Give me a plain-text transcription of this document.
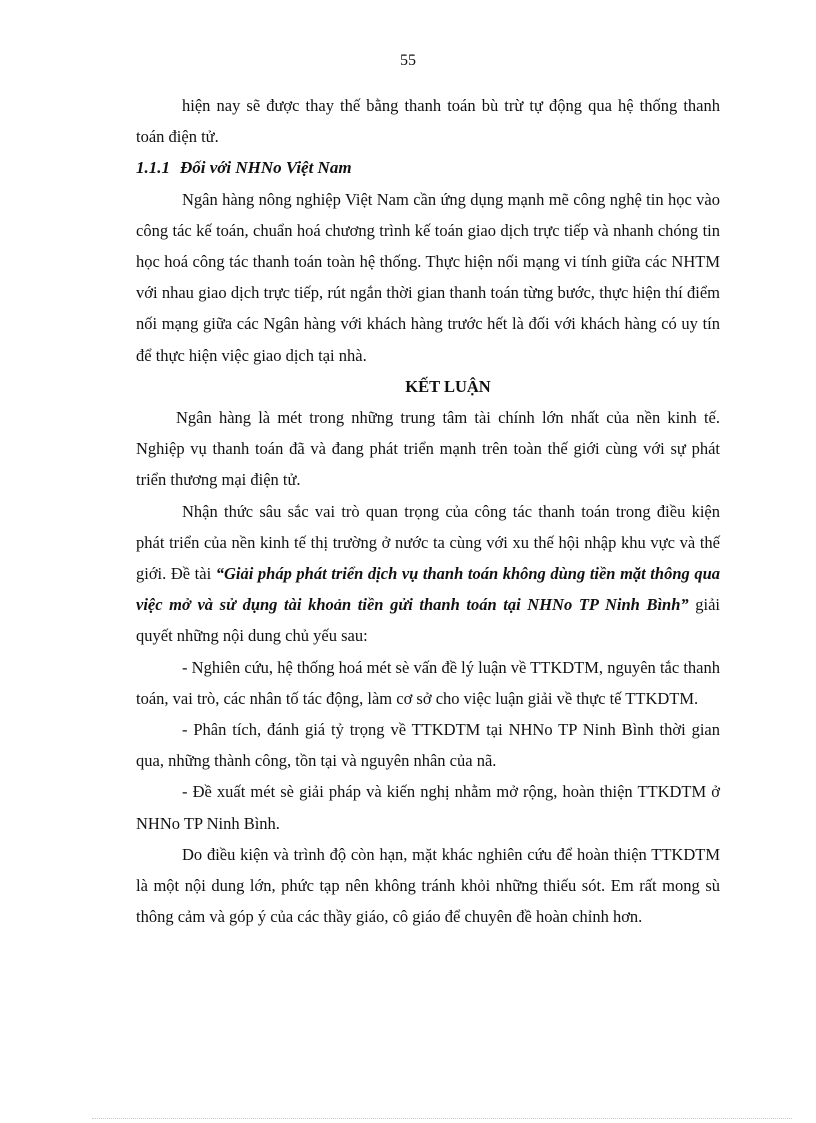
55

hiện nay sẽ được thay thế bằng thanh toán bù trừ tự động qua hệ thống thanh toán điện tử.

1.1.1 Đối với NHNo Việt Nam

Ngân hàng nông nghiệp Việt Nam cần ứng dụng mạnh mẽ công nghệ tin học vào công tác kế toán, chuẩn hoá chương trình kế toán giao dịch trực tiếp và nhanh chóng tin học hoá công tác thanh toán toàn hệ thống. Thực hiện nối mạng vi tính giữa các NHTM với nhau giao dịch trực tiếp, rút ngắn thời gian thanh toán từng bước, thực hiện thí điểm nối mạng giữa các Ngân hàng với khách hàng trước hết là đối với khách hàng có uy tín để thực hiện việc giao dịch tại nhà.

KẾT LUẬN

Ngân hàng là mét trong những trung tâm tài chính lớn nhất của nền kinh tế. Nghiệp vụ thanh toán đã và đang phát triển mạnh trên toàn thế giới cùng với sự phát triển thương mại điện tử.

Nhận thức sâu sắc vai trò quan trọng của công tác thanh toán trong điều kiện phát triển của nền kinh tế thị trường ở nước ta cùng với xu thế hội nhập khu vực và thế giới. Đề tài “Giải pháp phát triển dịch vụ thanh toán không dùng tiền mặt thông qua việc mở và sử dụng tài khoản tiền gửi thanh toán tại NHNo TP Ninh Bình” giải quyết những nội dung chủ yếu sau:

- Nghiên cứu, hệ thống hoá mét sè vấn đề lý luận về TTKDTM, nguyên tắc thanh toán, vai trò, các nhân tố tác động, làm cơ sở cho việc luận giải về thực tế TTKDTM.

- Phân tích, đánh giá tỷ trọng về TTKDTM tại NHNo TP Ninh Bình thời gian qua, những thành công, tồn tại và nguyên nhân của nã.

- Đề xuất mét sè giải pháp và kiến nghị nhằm mở rộng, hoàn thiện TTKDTM ở NHNo TP Ninh Bình.

Do điều kiện và trình độ còn hạn, mặt khác nghiên cứu để hoàn thiện TTKDTM là một nội dung lớn, phức tạp nên không tránh khỏi những thiếu sót. Em rất mong sù thông cảm và góp ý của các thầy giáo, cô giáo để chuyên đề hoàn chỉnh hơn.
